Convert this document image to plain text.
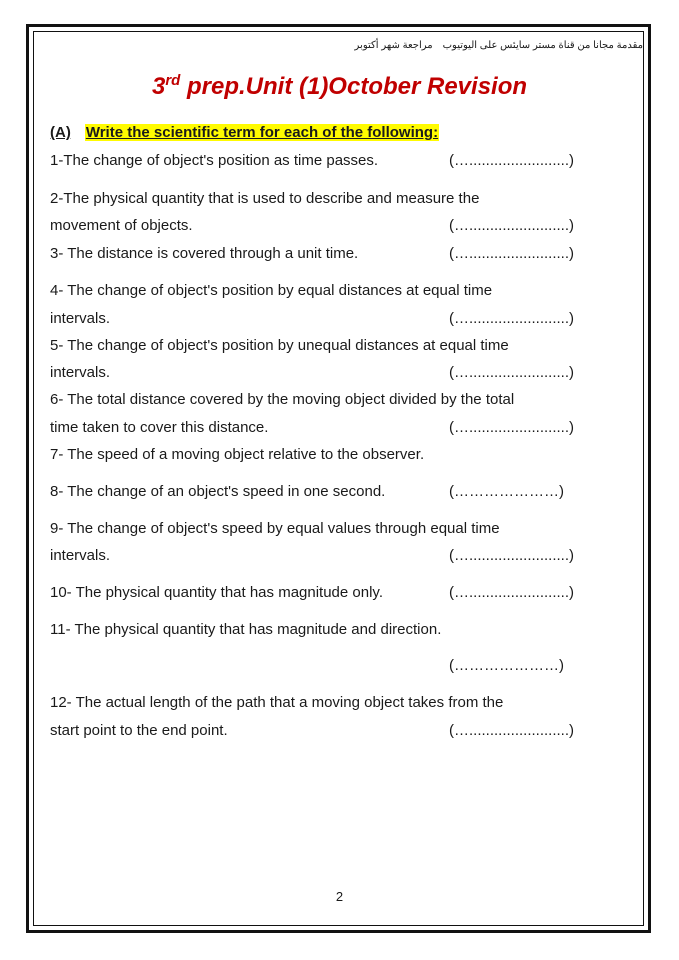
مقدمة مجانا من قناة مستر سايئس على اليوتيوبمراجعة شهر أكتوبر
3rd prep.Unit (1)October Revision
(A) Write the scientific term for each of the following:
1-The change of object's position as time passes.	(…........................)
2-The physical quantity that is used to describe and measure the
movement of objects.	(…........................)
3- The distance is covered through a unit time.	(…........................)
4- The change of object's position by equal distances at equal time
intervals.	(…........................)
5- The change of object's position by unequal distances at equal time
intervals.	(…........................)
6- The total distance covered by the moving object divided by the total
time taken to cover this distance.	(…........................)
7- The speed of a moving object relative to the observer.
8- The change of an object's speed in one second.	(…………………)
9- The change of object's speed by equal values through equal time
intervals.	(…........................)
10- The physical quantity that has magnitude only.	(…........................)
11- The physical quantity that has magnitude and direction.
(…………………)
12- The actual length of the path that a moving object takes from the
start point to the end point.	(…........................)
2
